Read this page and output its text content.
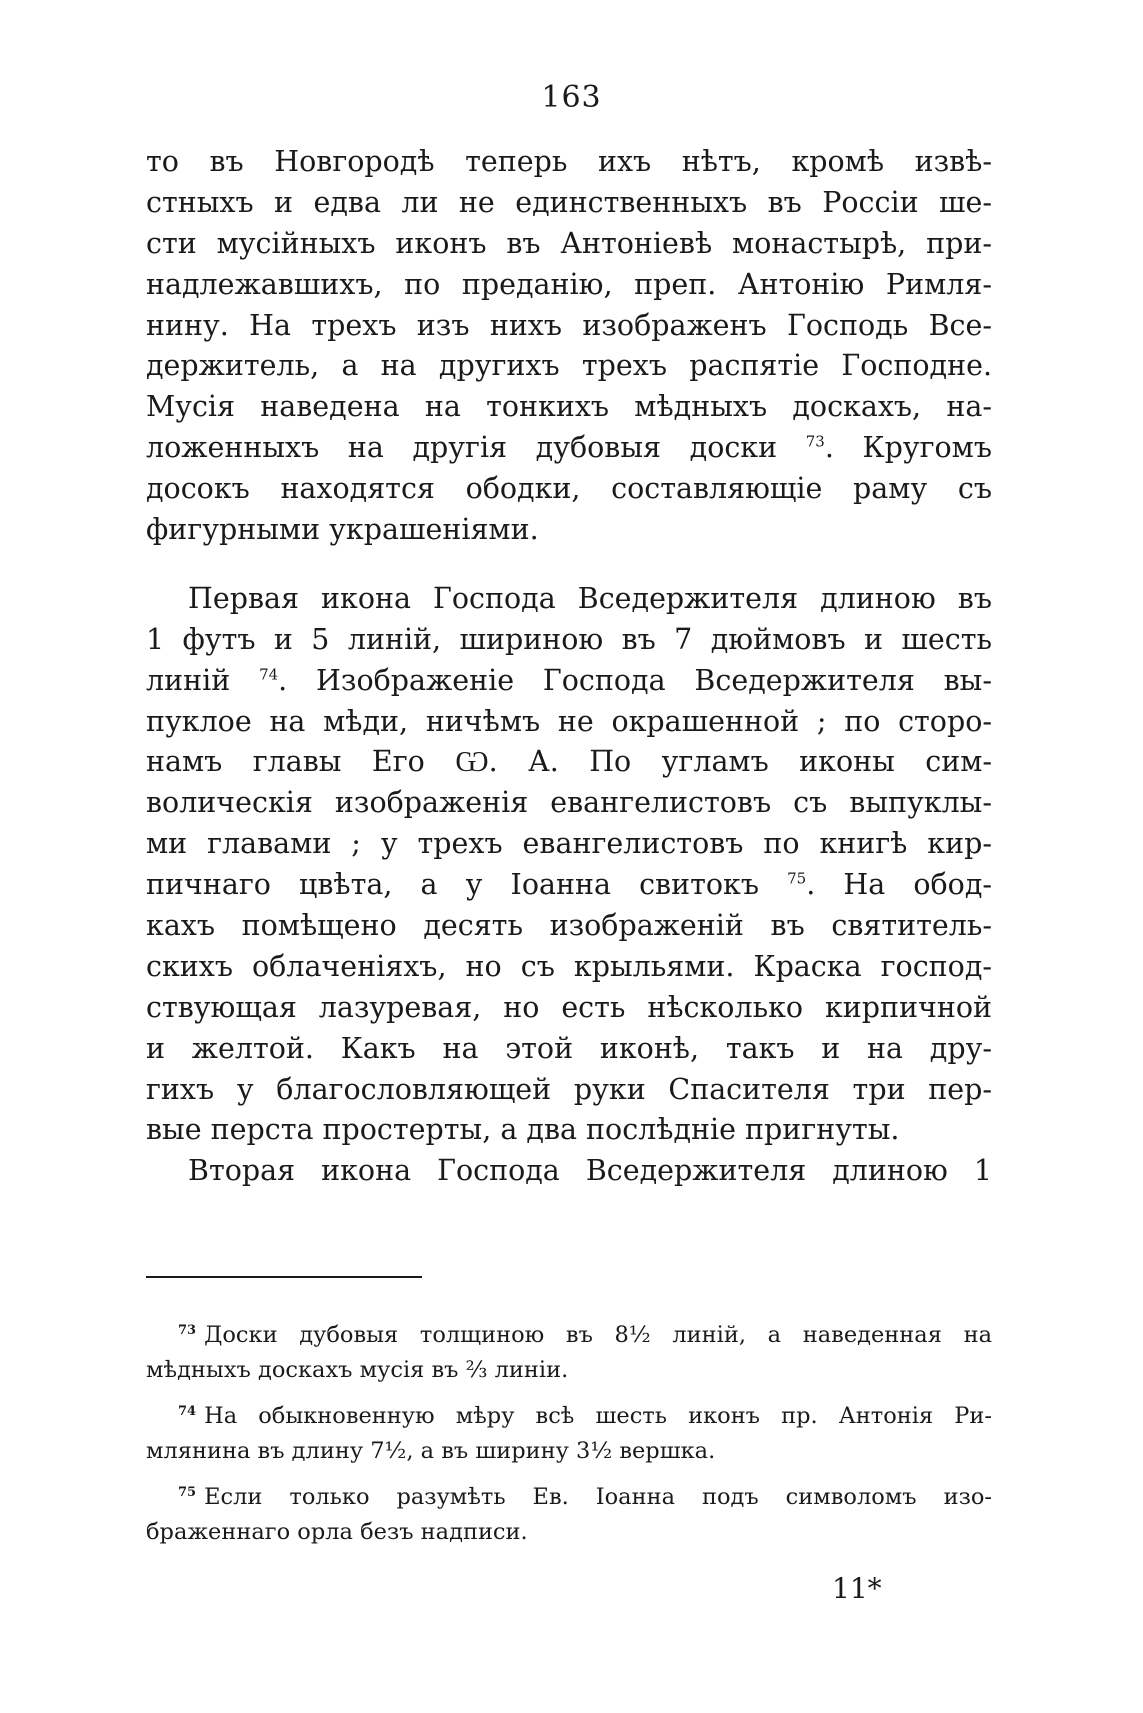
163
то въ Новгородѣ теперь ихъ нѣтъ, кромѣ извѣ-
стныхъ и едва ли не единственныхъ въ Россіи ше-
сти мусійныхъ иконъ въ Антоніевѣ монастырѣ, при-
надлежавшихъ, по преданію, преп. Антонію Римля-
нину. На трехъ изъ нихъ изображенъ Господь Все-
держитель, а на другихъ трехъ распятіе Господне.
Мусія наведена на тонкихъ мѣдныхъ доскахъ, на-
ложенныхъ на другія дубовыя доски $^{73}$. Кругомъ
досокъ находятся ободки, составляющіе раму съ
фигурными украшеніями.
Первая икона Господа Вседержителя длиною въ
1 футъ и 5 линій, шириною въ 7 дюймовъ и шесть
линій $^{74}$. Изображеніе Господа Вседержителя вы-
пуклое на мѣди, ничѣмъ не окрашенной ; по сторо-
намъ главы Его Ѡ. А. По угламъ иконы сим-
волическія изображенія евангелистовъ съ выпуклы-
ми главами ; у трехъ евангелистовъ по книгѣ кир-
пичнаго цвѣта, а у Іоанна свитокъ $^{75}$. На обод-
кахъ помѣщено десять изображеній въ святитель-
скихъ облаченіяхъ, но съ крыльями. Краска господ-
ствующая лазуревая, но есть нѣсколько кирпичной
и желтой. Какъ на этой иконѣ, такъ и на дру-
гихъ у благословляющей руки Спасителя три пер-
вые перста простерты, а два послѣдніе пригнуты.
Вторая икона Господа Вседержителя длиною 1
$^{73}$ Доски дубовыя толщиною въ 8½ линій, а наведенная на
мѣдныхъ доскахъ мусія въ ⅔ линіи.
$^{74}$ На обыкновенную мѣру всѣ шесть иконъ пр. Антонія Ри-
млянина въ длину 7½, а въ ширину 3½ вершка.
$^{75}$ Если только разумѣть Ев. Іоанна подъ символомъ изо-
браженнаго орла безъ надписи.
11*
